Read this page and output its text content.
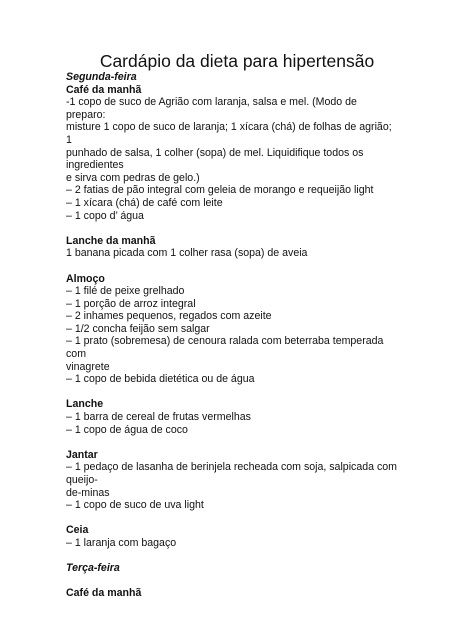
Cardápio da dieta para hipertensão
Segunda-feira
Café da manhã
-1 copo de suco de Agrião com laranja, salsa e mel. (Modo de
preparo:
misture 1 copo de suco de laranja; 1 xícara (chá) de folhas de agrião;
1
punhado de salsa, 1 colher (sopa) de mel. Liquidifique todos os
ingredientes
e sirva com pedras de gelo.)
– 2 fatias de pão integral com geleia de morango e requeijão light
– 1 xícara (chá) de café com leite
– 1 copo d’ água
Lanche da manhã
1 banana picada com 1 colher rasa (sopa) de aveia
Almoço
– 1 filé de peixe grelhado
– 1 porção de arroz integral
– 2 inhames pequenos, regados com azeite
– 1/2 concha feijão sem salgar
– 1 prato (sobremesa) de cenoura ralada com beterraba temperada
com
vinagrete
– 1 copo de bebida dietética ou de água
Lanche
– 1 barra de cereal de frutas vermelhas
– 1 copo de água de coco
Jantar
– 1 pedaço de lasanha de berinjela recheada com soja, salpicada com
queijo-
de-minas
– 1 copo de suco de uva light
Ceia
– 1 laranja com bagaço
Terça-feira
Café da manhã
